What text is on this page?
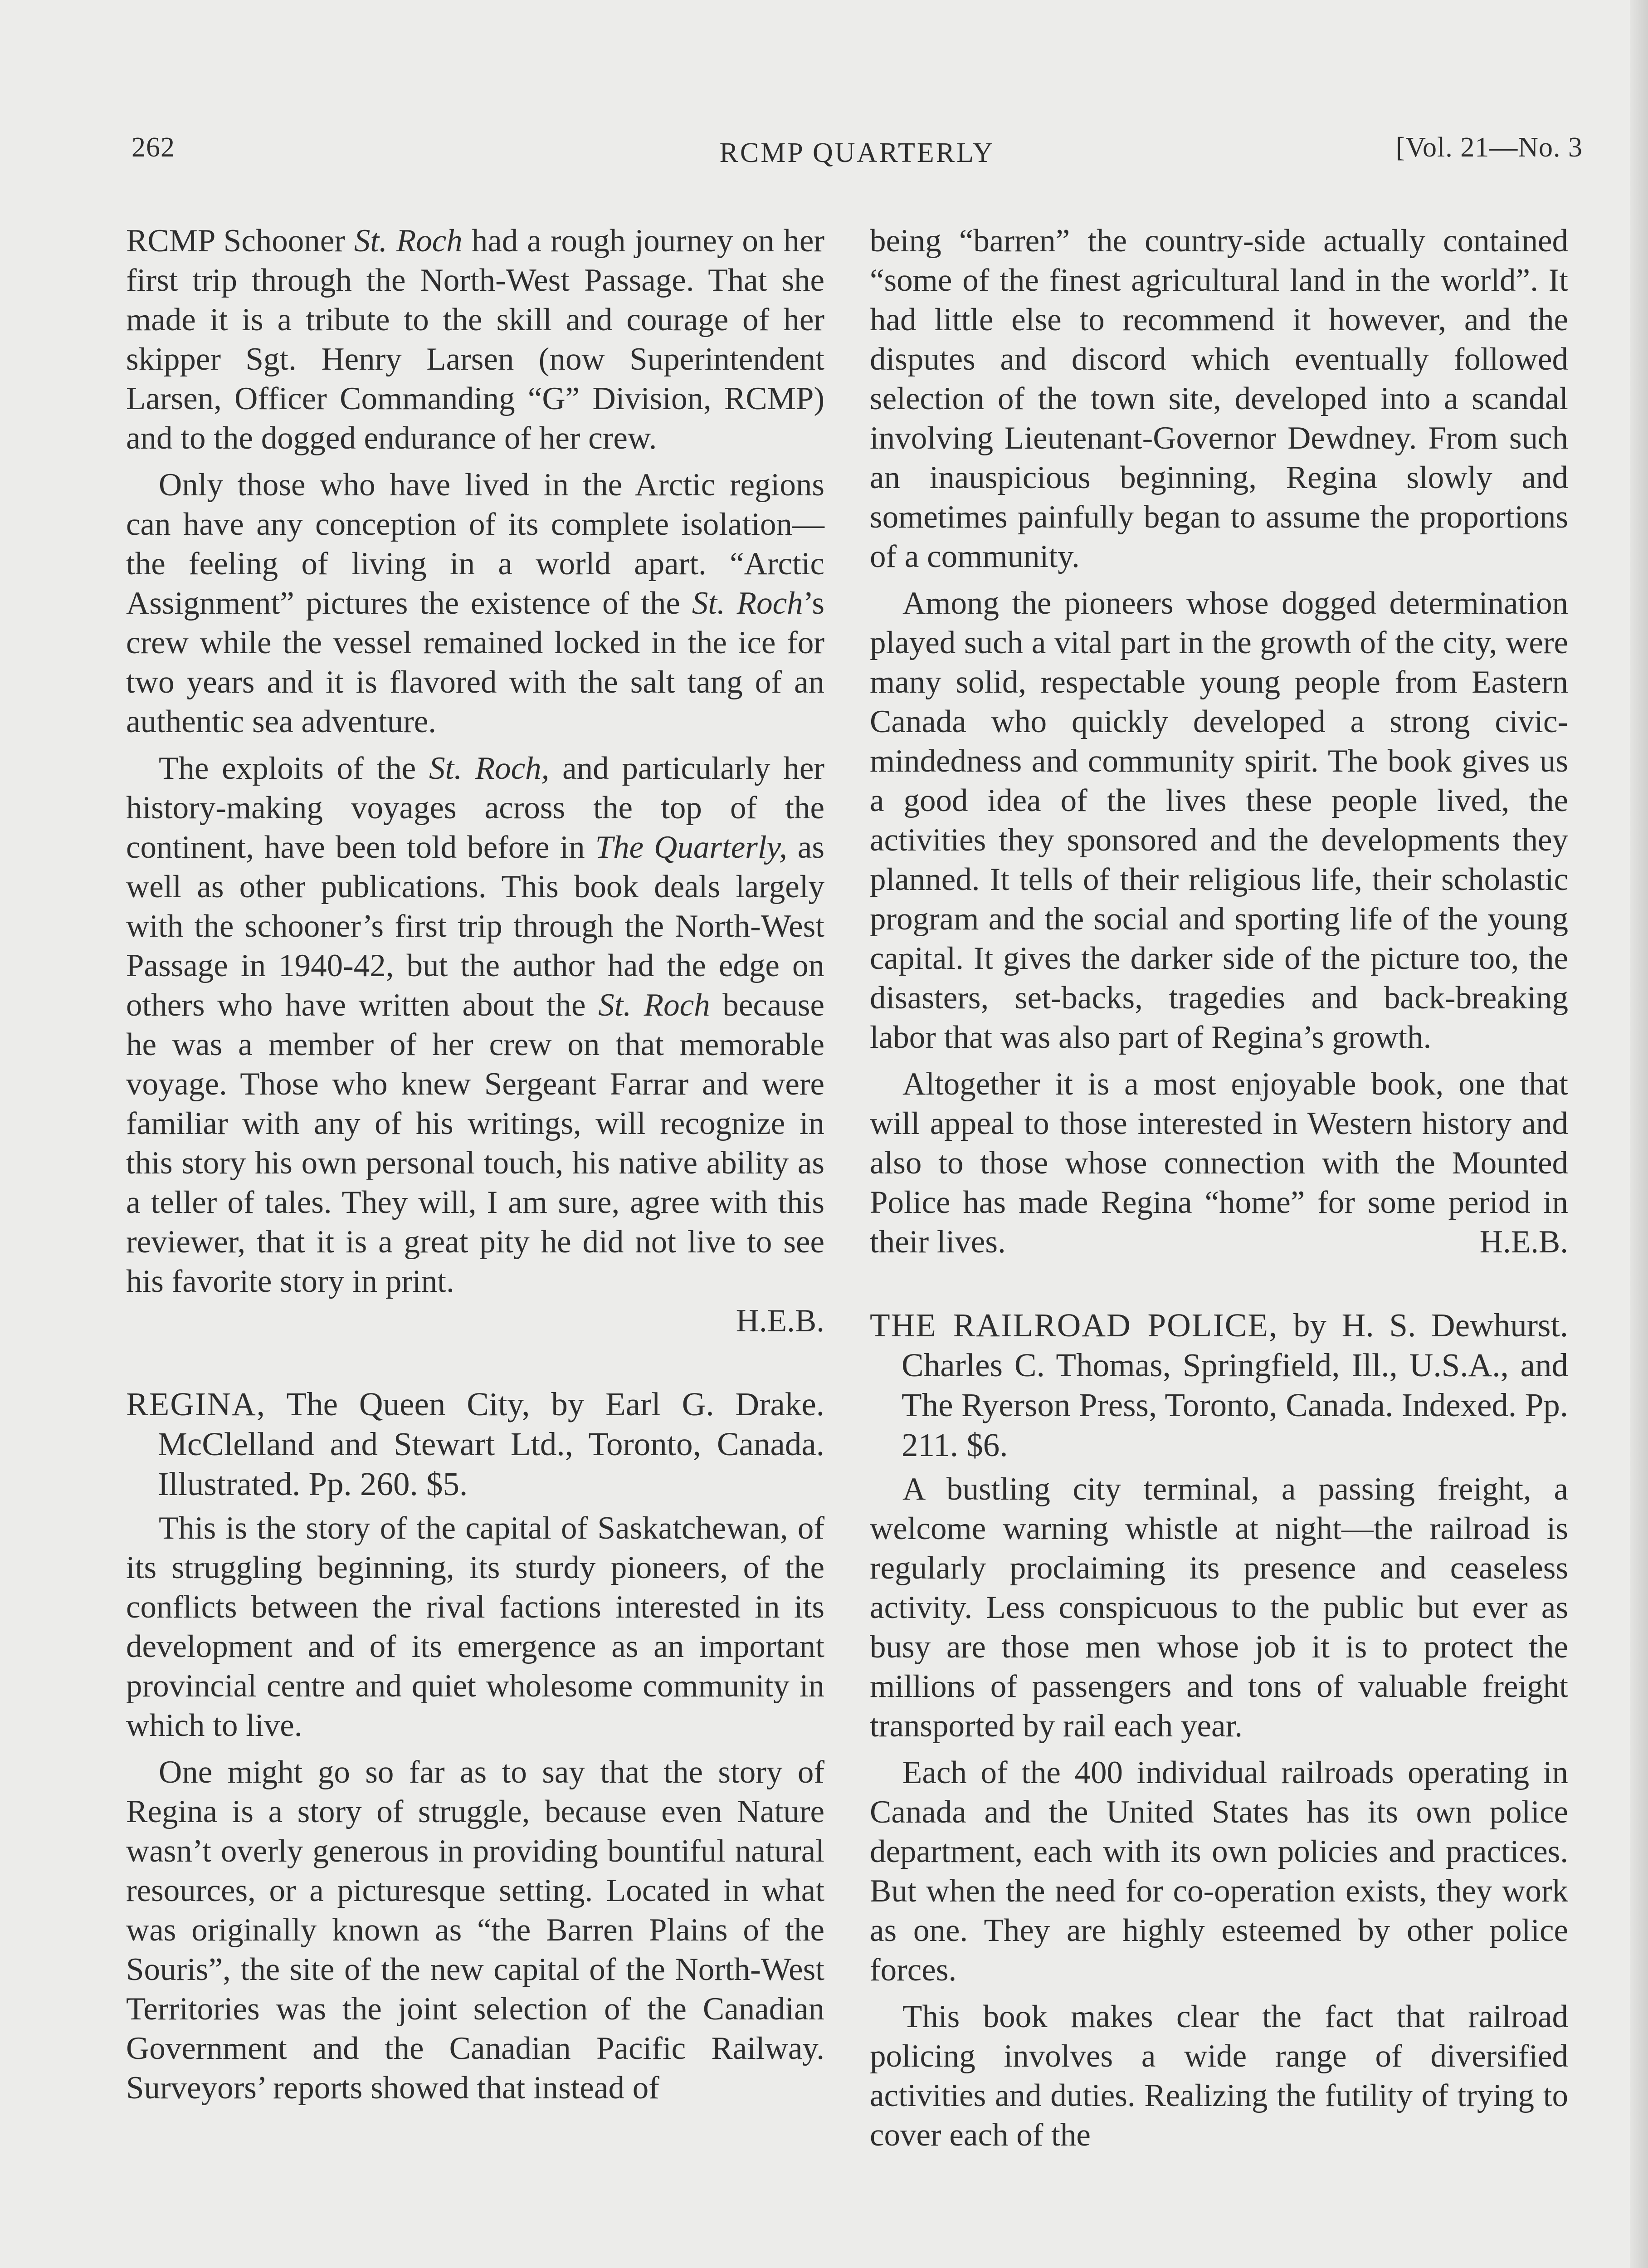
262	RCMP QUARTERLY	[Vol. 21—No. 3

RCMP Schooner St. Roch had a rough journey on her first trip through the North-West Passage. That she made it is a tribute to the skill and courage of her skipper Sgt. Henry Larsen (now Superintendent Larsen, Officer Commanding “G” Division, RCMP) and to the dogged endurance of her crew.

Only those who have lived in the Arctic regions can have any conception of its complete isolation—the feeling of living in a world apart. “Arctic Assignment” pictures the existence of the St. Roch’s crew while the vessel remained locked in the ice for two years and it is flavored with the salt tang of an authentic sea adventure.

The exploits of the St. Roch, and particularly her history-making voyages across the top of the continent, have been told before in The Quarterly, as well as other publications. This book deals largely with the schooner’s first trip through the North-West Passage in 1940-42, but the author had the edge on others who have written about the St. Roch because he was a member of her crew on that memorable voyage. Those who knew Sergeant Farrar and were familiar with any of his writings, will recognize in this story his own personal touch, his native ability as a teller of tales. They will, I am sure, agree with this reviewer, that it is a great pity he did not live to see his favorite story in print.

H.E.B.

REGINA, The Queen City, by Earl G. Drake. McClelland and Stewart Ltd., Toronto, Canada. Illustrated. Pp. 260. $5.

This is the story of the capital of Saskatchewan, of its struggling beginning, its sturdy pioneers, of the conflicts between the rival factions interested in its development and of its emergence as an important provincial centre and quiet wholesome community in which to live.

One might go so far as to say that the story of Regina is a story of struggle, because even Nature wasn’t overly generous in providing bountiful natural resources, or a picturesque setting. Located in what was originally known as “the Barren Plains of the Souris”, the site of the new capital of the North-West Territories was the joint selection of the Canadian Government and the Canadian Pacific Railway. Surveyors’ reports showed that instead of

being “barren” the country-side actually contained “some of the finest agricultural land in the world”. It had little else to recommend it however, and the disputes and discord which eventually followed selection of the town site, developed into a scandal involving Lieutenant-Governor Dewdney. From such an inauspicious beginning, Regina slowly and sometimes painfully began to assume the proportions of a community.

Among the pioneers whose dogged determination played such a vital part in the growth of the city, were many solid, respectable young people from Eastern Canada who quickly developed a strong civic-mindedness and community spirit. The book gives us a good idea of the lives these people lived, the activities they sponsored and the developments they planned. It tells of their religious life, their scholastic program and the social and sporting life of the young capital. It gives the darker side of the picture too, the disasters, set-backs, tragedies and back-breaking labor that was also part of Regina’s growth.

Altogether it is a most enjoyable book, one that will appeal to those interested in Western history and also to those whose connection with the Mounted Police has made Regina “home” for some period in their lives.	H.E.B.

THE RAILROAD POLICE, by H. S. Dewhurst. Charles C. Thomas, Springfield, Ill., U.S.A., and The Ryerson Press, Toronto, Canada. Indexed. Pp. 211. $6.

A bustling city terminal, a passing freight, a welcome warning whistle at night—the railroad is regularly proclaiming its presence and ceaseless activity. Less conspicuous to the public but ever as busy are those men whose job it is to protect the millions of passengers and tons of valuable freight transported by rail each year.

Each of the 400 individual railroads operating in Canada and the United States has its own police department, each with its own policies and practices. But when the need for co-operation exists, they work as one. They are highly esteemed by other police forces.

This book makes clear the fact that railroad policing involves a wide range of diversified activities and duties. Realizing the futility of trying to cover each of the
